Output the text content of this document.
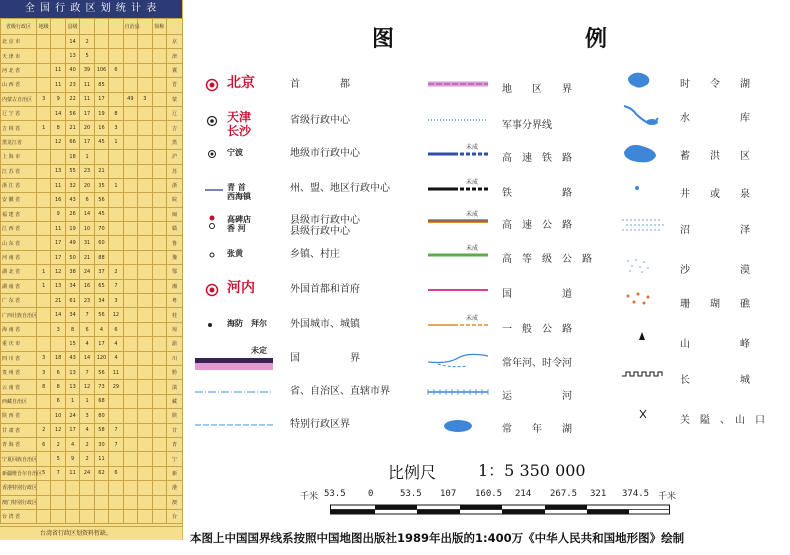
全 国 行 政 区 划 统 计 表
省级行政区	地级		县级				自治县		简称	
北 京 市			14	2						京
天 津 市			13	5						津
河 北 省		11	40	39	106	6				冀
山 西 省		11	23	11	85					晋
内蒙古自治区	3	9	22	11	17		49	3		蒙
辽 宁 省		14	56	17	19	8				辽
吉 林 省	1	8	21	20	16	3				吉
黑龙江省		12	66	17	45	1				黑
上 海 市			18	1						沪
江 苏 省		13	55	23	21					苏
浙 江 省		11	32	20	35	1				浙
安 徽 省		16	43	6	56					皖
福 建 省		9	26	14	45					闽
江 西 省		11	19	10	70					赣
山 东 省		17	49	31	60					鲁
河 南 省		17	50	21	88					豫
湖 北 省	1	12	38	24	37	2				鄂
湖 南 省	1	13	34	16	65	7				湘
广 东 省		21	61	23	34	3				粤
广西壮族自治区		14	34	7	56	12				桂
海 南 省		3	8	6	4	6				琼
重 庆 市			15	4	17	4				渝
四 川 省	3	18	43	14	120	4				川
贵 州 省	3	6	13	7	56	11				黔
云 南 省	8	8	13	12	73	29				滇
西藏自治区		6	1	1	68					藏
陕 西 省		10	24	3	80					陕
甘 肃 省	2	12	17	4	58	7				甘
青 海 省	6	2	4	2	30	7				青
宁夏回族自治区		5	9	2	11					宁
新疆维吾尔自治区	5	7	11	24	62	6				新
香港特别行政区										港
澳门特别行政区										澳
台 湾 省										台
台湾省行政区划资料暂缺。
图	例
北京	首　　　　都
天津
长沙
省级行政中心
宁波	地级市行政中心
青 首
西海镇
州、盟、地区行政中心
高碑店
香 河
县级市行政中心
县级行政中心
张黄	乡镇、村庄
河内	外国首都和首府
海防　拜尔 外国城市、城镇
未定
国　　　　　界
省、自治区、直辖市界
特别行政区界
地　　区　　界
军事分界线
未成
高　速　铁　路
未成
铁　　　　　路
未成
高　速　公　路
未成
高　等　级　公　路
国　　　　　道
未成
一　般　公　路
常年河、时令河
运　　　　　河
常　　年　　湖
时　　令　　湖
水　　　　　库
蓄　　洪　　区
井　　或　　泉
沼　　　　　泽
沙　　　　　漠
珊　　瑚　　礁
山　　　　　峰
长　　　　　城
关　隘　、　山　口
比例尺	1：5 350 000
千米 53.5 0	53.5 107 160.5 214 267.5 321 374.5 千米
本图上中国国界线系按照中国地图出版社1989年出版的1:400万《中华人民共和国地形图》绘制
